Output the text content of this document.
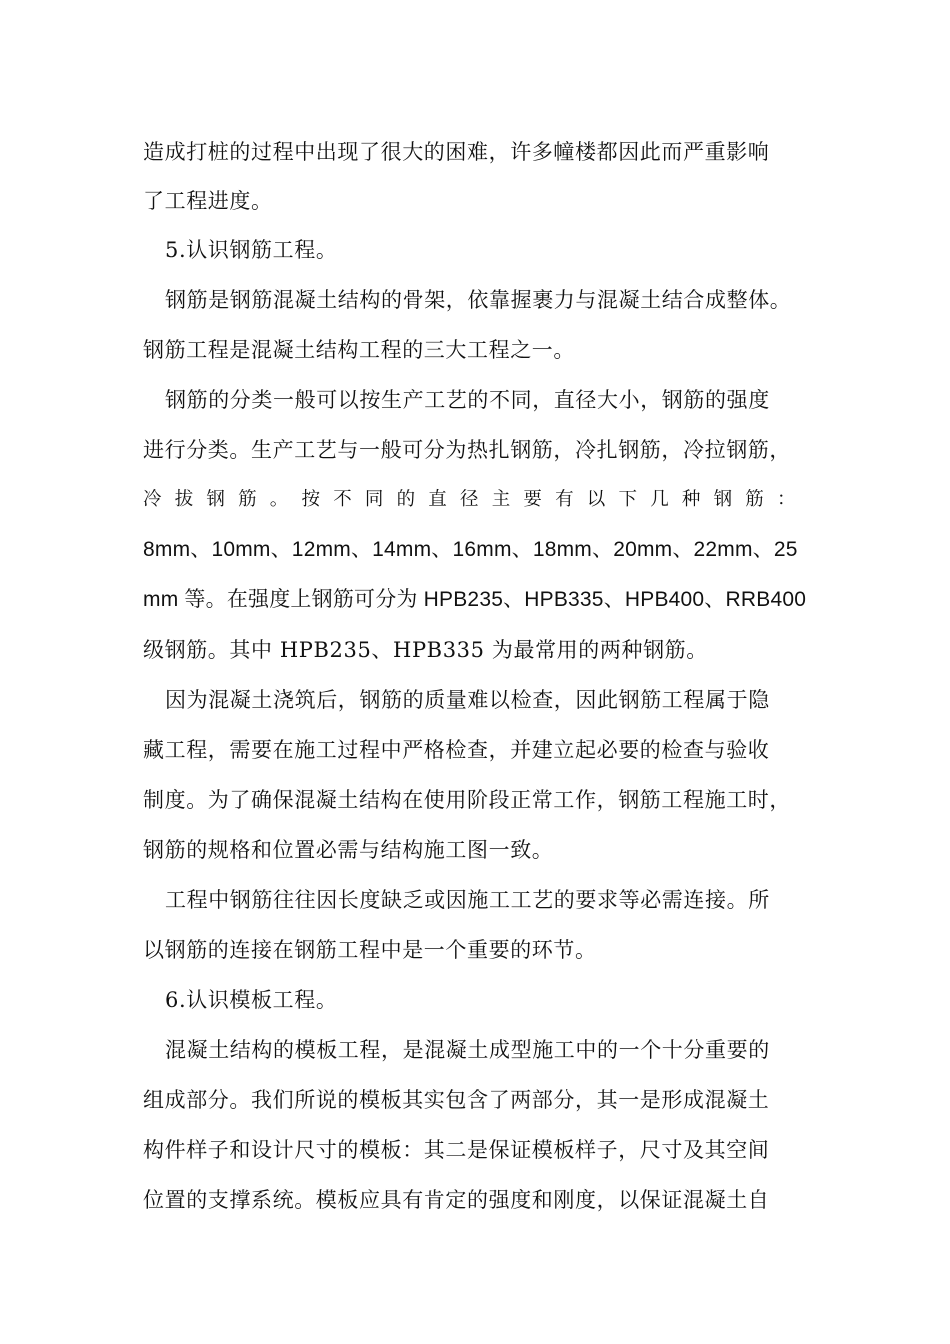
造成打桩的过程中出现了很大的困难，许多幢楼都因此而严重影响
了工程进度。
5.认识钢筋工程。
钢筋是钢筋混凝土结构的骨架，依靠握裹力与混凝土结合成整体。
钢筋工程是混凝土结构工程的三大工程之一。
钢筋的分类一般可以按生产工艺的不同，直径大小，钢筋的强度
进行分类。生产工艺与一般可分为热扎钢筋，冷扎钢筋，冷拉钢筋，
冷拔钢筋。按不同的直径主要有以下几种钢筋：
8mm、10mm、12mm、14mm、16mm、18mm、20mm、22mm、25
mm 等。在强度上钢筋可分为 HPB235、HPB335、HPB400、RRB400
级钢筋。其中 HPB235、HPB335 为最常用的两种钢筋。
因为混凝土浇筑后，钢筋的质量难以检查，因此钢筋工程属于隐
藏工程，需要在施工过程中严格检查，并建立起必要的检查与验收
制度。为了确保混凝土结构在使用阶段正常工作，钢筋工程施工时，
钢筋的规格和位置必需与结构施工图一致。
工程中钢筋往往因长度缺乏或因施工工艺的要求等必需连接。所
以钢筋的连接在钢筋工程中是一个重要的环节。
6.认识模板工程。
混凝土结构的模板工程，是混凝土成型施工中的一个十分重要的
组成部分。我们所说的模板其实包含了两部分，其一是形成混凝土
构件样子和设计尺寸的模板：其二是保证模板样子，尺寸及其空间
位置的支撑系统。模板应具有肯定的强度和刚度，以保证混凝土自
